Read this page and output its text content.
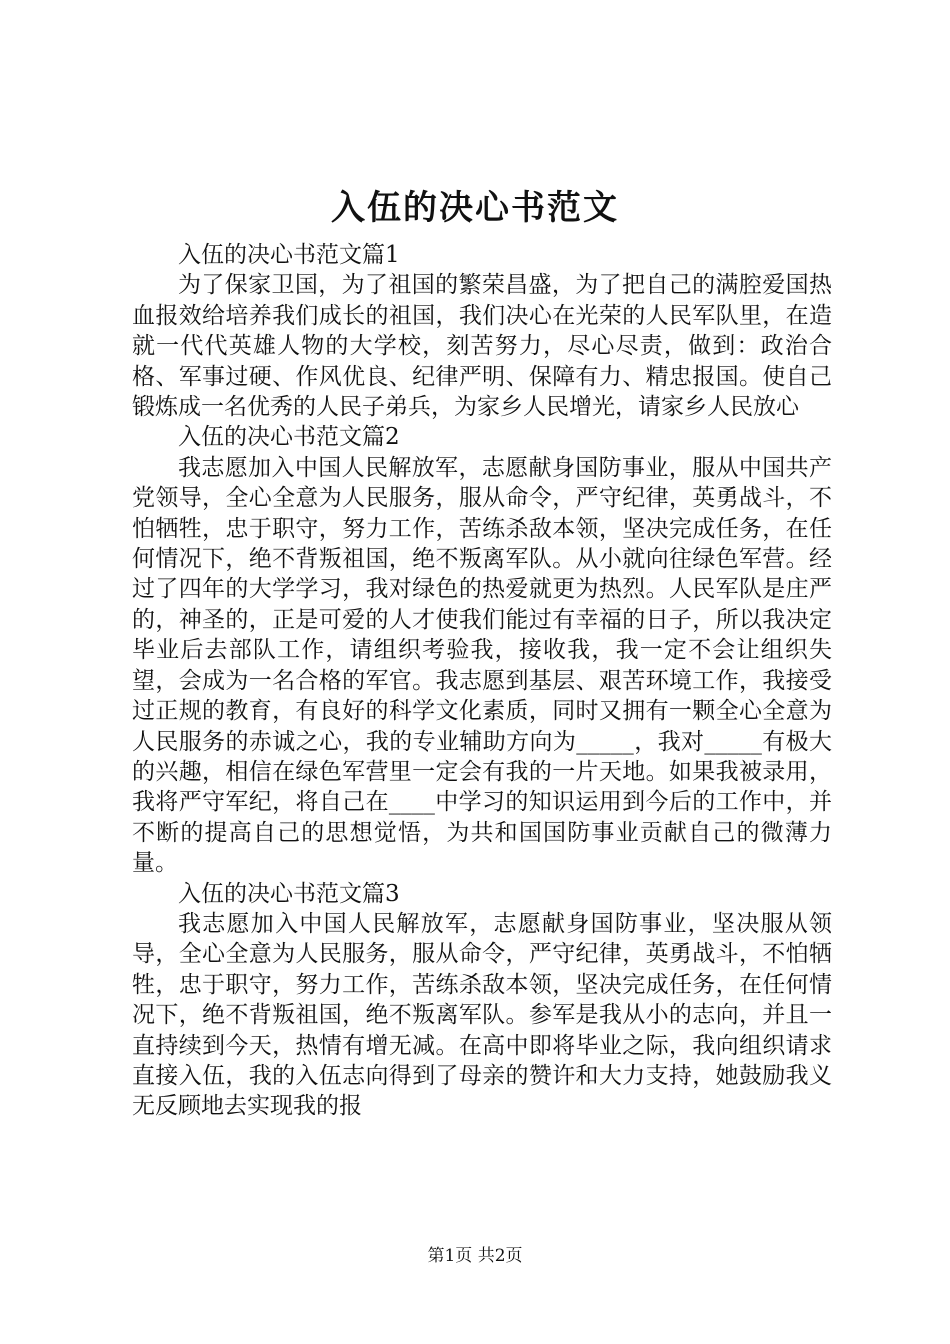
入伍的决心书范文

入伍的决心书范文篇1

为了保家卫国，为了祖国的繁荣昌盛，为了把自己的满腔爱国热血报效给培养我们成长的祖国，我们决心在光荣的人民军队里，在造就一代代英雄人物的大学校，刻苦努力，尽心尽责，做到：政治合格、军事过硬、作风优良、纪律严明、保障有力、精忠报国。使自己锻炼成一名优秀的人民子弟兵，为家乡人民增光，请家乡人民放心

入伍的决心书范文篇2

我志愿加入中国人民解放军，志愿献身国防事业，服从中国共产党领导，全心全意为人民服务，服从命令，严守纪律，英勇战斗，不怕牺牲，忠于职守，努力工作，苦练杀敌本领，坚决完成任务，在任何情况下，绝不背叛祖国，绝不叛离军队。从小就向往绿色军营。经过了四年的大学学习，我对绿色的热爱就更为热烈。人民军队是庄严的，神圣的，正是可爱的人才使我们能过有幸福的日子，所以我决定毕业后去部队工作，请组织考验我，接收我，我一定不会让组织失望，会成为一名合格的军官。我志愿到基层、艰苦环境工作，我接受过正规的教育，有良好的科学文化素质，同时又拥有一颗全心全意为人民服务的赤诚之心，我的专业辅助方向为_____，我对_____有极大的兴趣，相信在绿色军营里一定会有我的一片天地。如果我被录用，我将严守军纪，将自己在____中学习的知识运用到今后的工作中，并不断的提高自己的思想觉悟，为共和国国防事业贡献自己的微薄力量。

入伍的决心书范文篇3

我志愿加入中国人民解放军，志愿献身国防事业，坚决服从领导，全心全意为人民服务，服从命令，严守纪律，英勇战斗，不怕牺牲，忠于职守，努力工作，苦练杀敌本领，坚决完成任务，在任何情况下，绝不背叛祖国，绝不叛离军队。参军是我从小的志向，并且一直持续到今天，热情有增无减。在高中即将毕业之际，我向组织请求直接入伍，我的入伍志向得到了母亲的赞许和大力支持，她鼓励我义无反顾地去实现我的报

第1页 共2页
